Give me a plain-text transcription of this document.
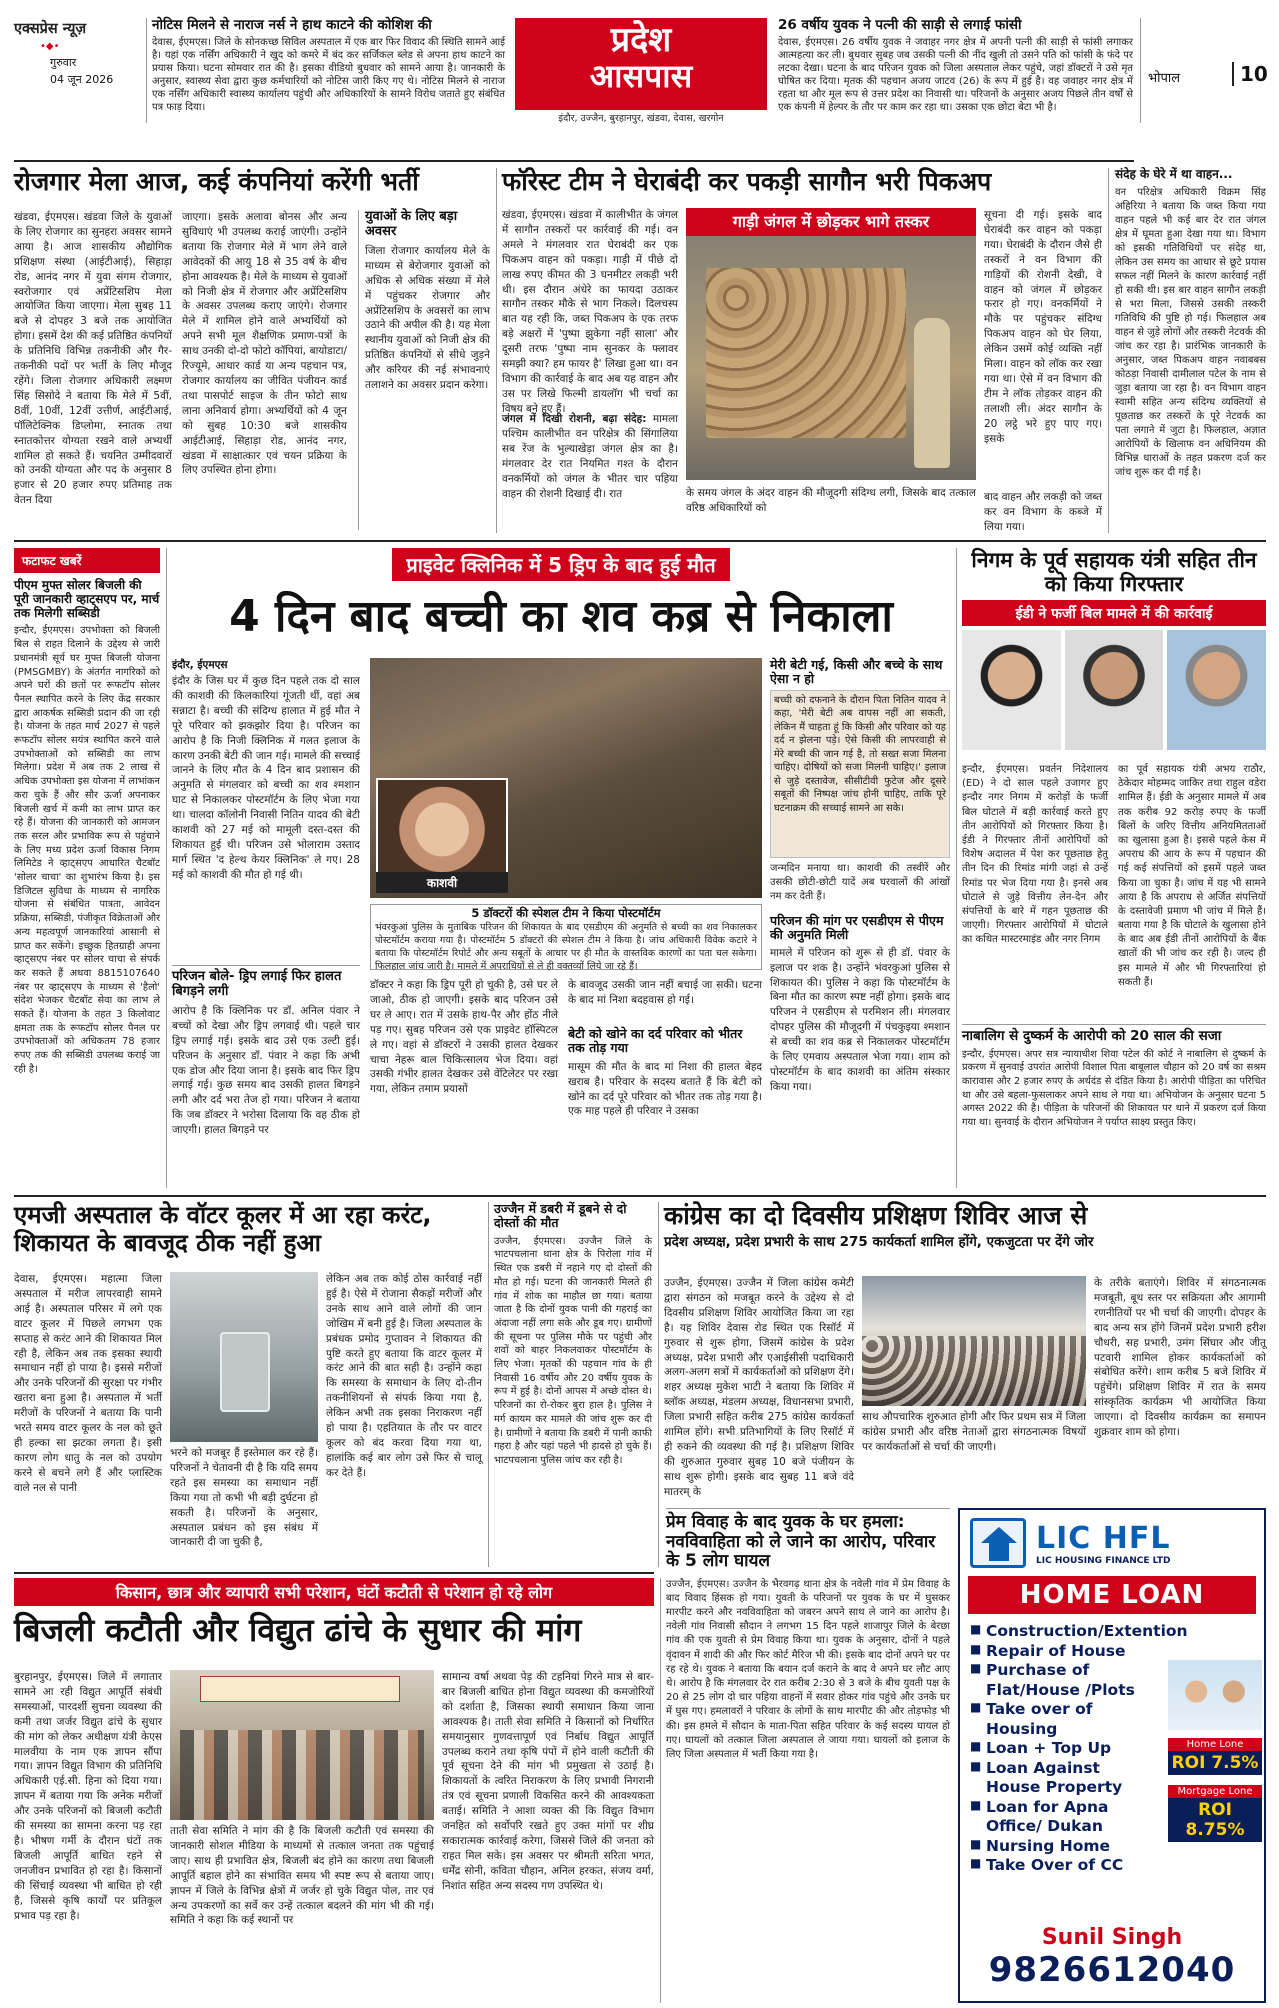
एक्सप्रेस न्यूज़
•◆•
गुरुवार
04 जून 2026
नोटिस मिलने से नाराज नर्स ने हाथ काटने की कोशिश की
देवास, ईएमएस। जिले के सोनकच्छ सिविल अस्पताल में एक बार फिर विवाद की स्थिति सामने आई है। यहां एक नर्सिंग अधिकारी ने खुद को कमरे में बंद कर सर्जिकल ब्लेड से अपना हाथ काटने का प्रयास किया। घटना सोमवार रात की है। इसका वीडियो बुधवार को सामने आया है। जानकारी के अनुसार, स्वास्थ्य सेवा द्वारा कुछ कर्मचारियों को नोटिस जारी किए गए थे। नोटिस मिलने से नाराज एक नर्सिंग अधिकारी स्वास्थ्य कार्यालय पहुंची और अधिकारियों के सामने विरोध जताते हुए संबंधित पत्र फाड़ दिया।
प्रदेश
आसपास
इंदौर, उज्जैन, बुरहानपुर, खंडवा, देवास, खरगोन
26 वर्षीय युवक ने पत्नी की साड़ी से लगाई फांसी
देवास, ईएमएस। 26 वर्षीय युवक ने जवाहर नगर क्षेत्र में अपनी पत्नी की साड़ी से फांसी लगाकर आत्महत्या कर ली। बुधवार सुबह जब उसकी पत्नी की नींद खुली तो उसने पति को फांसी के फंदे पर लटका देखा। घटना के बाद परिजन युवक को जिला अस्पताल लेकर पहुंचे, जहां डॉक्टरों ने उसे मृत घोषित कर दिया। मृतक की पहचान अजय जाटव (26) के रूप में हुई है। वह जवाहर नगर क्षेत्र में रहता था और मूल रूप से उत्तर प्रदेश का निवासी था। परिजनों के अनुसार अजय पिछले तीन वर्षों से एक कंपनी में हेल्पर के तौर पर काम कर रहा था। उसका एक छोटा बेटा भी है।
भोपाल	10
रोजगार मेला आज, कई कंपनियां करेंगी भर्ती
खंडवा, ईएमएस। खंडवा जिले के युवाओं के लिए रोजगार का सुनहरा अवसर सामने आया है। आज शासकीय औद्योगिक प्रशिक्षण संस्था (आईटीआई), सिहाड़ा रोड, आनंद नगर में युवा संगम रोजगार, स्वरोजगार एवं अप्रेंटिसशिप मेला आयोजित किया जाएगा। मेला सुबह 11 बजे से दोपहर 3 बजे तक आयोजित होगा। इसमें देश की कई प्रतिष्ठित कंपनियों के प्रतिनिधि विभिन्न तकनीकी और गैर-तकनीकी पदों पर भर्ती के लिए मौजूद रहेंगे। जिला रोजगार अधिकारी लक्ष्मण सिंह सिसोदे ने बताया कि मेले में 5वीं, 8वीं, 10वीं, 12वीं उत्तीर्ण, आईटीआई, पॉलिटेक्निक डिप्लोमा, स्नातक तथा स्नातकोत्तर योग्यता रखने वाले अभ्यर्थी शामिल हो सकते हैं। चयनित उम्मीदवारों को उनकी योग्यता और पद के अनुसार 8 हजार से 20 हजार रुपए प्रतिमाह तक वेतन दिया
जाएगा। इसके अलावा बोनस और अन्य सुविधाएं भी उपलब्ध कराई जाएंगी। उन्होंने बताया कि रोजगार मेले में भाग लेने वाले आवेदकों की आयु 18 से 35 वर्ष के बीच होना आवश्यक है। मेले के माध्यम से युवाओं को निजी क्षेत्र में रोजगार और अप्रेंटिसशिप के अवसर उपलब्ध कराए जाएंगे। रोजगार मेले में शामिल होने वाले अभ्यर्थियों को अपने सभी मूल शैक्षणिक प्रमाण-पत्रों के साथ उनकी दो-दो फोटो कॉपियां, बायोडाटा/रिज्यूमे, आधार कार्ड या अन्य पहचान पत्र, रोजगार कार्यालय का जीवित पंजीयन कार्ड तथा पासपोर्ट साइज के तीन फोटो साथ लाना अनिवार्य होगा। अभ्यर्थियों को 4 जून को सुबह 10:30 बजे शासकीय आईटीआई, सिहाड़ा रोड, आनंद नगर, खंडवा में साक्षात्कार एवं चयन प्रक्रिया के लिए उपस्थित होना होगा।
युवाओं के लिए बड़ा अवसर
जिला रोजगार कार्यालय मेले के माध्यम से बेरोजगार युवाओं को अधिक से अधिक संख्या में मेले में पहुंचकर रोजगार और अप्रेंटिसशिप के अवसरों का लाभ उठाने की अपील की है। यह मेला स्थानीय युवाओं को निजी क्षेत्र की प्रतिष्ठित कंपनियों से सीधे जुड़ने और करियर की नई संभावनाएं तलाशने का अवसर प्रदान करेगा।
फॉरेस्ट टीम ने घेराबंदी कर पकड़ी सागौन भरी पिकअप
खंडवा, ईएमएस। खंडवा में कालीभीत के जंगल में सागौन तस्करों पर कार्रवाई की गई। वन अमले ने मंगलवार रात घेराबंदी कर एक पिकअप वाहन को पकड़ा। गाड़ी में पीछे दो लाख रुपए कीमत की 3 घनमीटर लकड़ी भरी थी। इस दौरान अंधेरे का फायदा उठाकर सागौन तस्कर मौके से भाग निकले। दिलचस्प बात यह रही कि, जब्त पिकअप के एक तरफ बड़े अक्षरों में 'पुष्पा झुकेगा नहीं साला' और दूसरी तरफ 'पुष्पा नाम सुनकर के फ्लावर समझी क्या? हम फायर है' लिखा हुआ था। वन विभाग की कार्रवाई के बाद अब यह वाहन और उस पर लिखे फिल्मी डायलॉग भी चर्चा का विषय बने हुए हैं।
जंगल में दिखी रोशनी, बढ़ा संदेह: मामला पश्चिम कालीभीत वन परिक्षेत्र की सिंगालिया सब रेंज के भुल्याखेड़ा जंगल क्षेत्र का है। मंगलवार देर रात नियमित गश्त के दौरान वनकर्मियों को जंगल के भीतर चार पहिया वाहन की रोशनी दिखाई दी। रात
गाड़ी जंगल में छोड़कर भागे तस्कर
के समय जंगल के अंदर वाहन की मौजूदगी संदिग्ध लगी, जिसके बाद तत्काल वरिष्ठ अधिकारियों को
सूचना दी गई। इसके बाद घेराबंदी कर वाहन को पकड़ा गया। घेराबंदी के दौरान जैसे ही तस्करों ने वन विभाग की गाड़ियों की रोशनी देखी, वे वाहन को जंगल में छोड़कर फरार हो गए। वनकर्मियों ने मौके पर पहुंचकर संदिग्ध पिकअप वाहन को घेर लिया, लेकिन उसमें कोई व्यक्ति नहीं मिला। वाहन को लॉक कर रखा गया था। ऐसे में वन विभाग की टीम ने लॉक तोड़कर वाहन की तलाशी ली। अंदर सागौन के 20 लट्ठे भरे हुए पाए गए। इसके
बाद वाहन और लकड़ी को जब्त कर वन विभाग के कब्जे में लिया गया।
संदेह के घेरे में था वाहन...
वन परिक्षेत्र अधिकारी विक्रम सिंह अहिरिया ने बताया कि जब्त किया गया वाहन पहले भी कई बार देर रात जंगल क्षेत्र में घूमता हुआ देखा गया था। विभाग को इसकी गतिविधियों पर संदेह था, लेकिन उस समय का आधार से छूटे प्रयास सफल नहीं मिलने के कारण कार्रवाई नहीं हो सकी थी। इस बार वाहन सागौन लकड़ी से भरा मिला, जिससे उसकी तस्करी गतिविधि की पुष्टि हो गई। फिलहाल अब वाहन से जुड़े लोगों और तस्करी नेटवर्क की जांच कर रहा है। प्रारंभिक जानकारी के अनुसार, जब्त पिकअप वाहन नवाबबस कोठड़ा निवासी दामीलाल पटेल के नाम से जुड़ा बताया जा रहा है। वन विभाग वाहन स्वामी सहित अन्य संदिग्ध व्यक्तियों से पूछताछ कर तस्करों के पूरे नेटवर्क का पता लगाने में जुटा है। फिलहाल, अज्ञात आरोपियों के खिलाफ वन अधिनियम की विभिन्न धाराओं के तहत प्रकरण दर्ज कर जांच शुरू कर दी गई है।
फटाफट खबरें
पीएम मुफ्त सोलर बिजली की पूरी जानकारी व्हाट्सएप पर, मार्च तक मिलेगी सब्सिडी
इन्दौर, ईएमएस। उपभोक्ता को बिजली बिल से राहत दिलाने के उद्देश्य से जारी प्रधानमंत्री सूर्य घर मुफ्त बिजली योजना (PMSGMBY) के अंतर्गत नागरिकों को अपने घरों की छतों पर रूफटॉप सोलर पैनल स्थापित करने के लिए केंद्र सरकार द्वारा आकर्षक सब्सिडी प्रदान की जा रही है। योजना के तहत मार्च 2027 से पहले रूफटॉप सोलर सयंत्र स्थापित करने वाले उपभोक्ताओं को सब्सिडी का लाभ मिलेगा। प्रदेश में अब तक 2 लाख से अधिक उपभोक्ता इस योजना में लाभांकन करा चुके हैं और सौर ऊर्जा अपनाकर बिजली खर्च में कमी का लाभ प्राप्त कर रहे हैं। योजना की जानकारी को आमजन तक सरल और प्रभाविक रूप से पहुंचाने के लिए मध्य प्रदेश ऊर्जा विकास निगम लिमिटेड ने व्हाट्सएप आधारित चैटबॉट 'सोलर चाचा' का शुभारंभ किया है। इस डिजिटल सुविधा के माध्यम से नागरिक योजना से संबंधित पात्रता, आवेदन प्रक्रिया, सब्सिडी, पंजीकृत विक्रेताओं और अन्य महत्वपूर्ण जानकारियां आसानी से प्राप्त कर सकेंगे। इच्छुक हितग्राही अपना व्हाट्सएप नंबर पर सोलर चाचा से संपर्क कर सकते हैं अथवा 8815107640 नंबर पर व्हाट्सएप के माध्यम से 'हैलो' संदेश भेजकर चैटबॉट सेवा का लाभ ले सकते हैं। योजना के तहत 3 किलोवाट क्षमता तक के रूफटॉप सोलर पैनल पर उपभोक्ताओं को अधिकतम 78 हजार रुपए तक की सब्सिडी उपलब्ध कराई जा रही है।
प्राइवेट क्लिनिक में 5 ड्रिप के बाद हुई मौत
4 दिन बाद बच्ची का शव कब्र से निकाला
इंदौर, ईएमएस
इंदौर के जिस घर में कुछ दिन पहले तक दो साल की काशवी की किलकारियां गूंजती थीं, वहां अब सन्नाटा है। बच्ची की संदिग्ध हालात में हुई मौत ने पूरे परिवार को झकझोर दिया है। परिजन का आरोप है कि निजी क्लिनिक में गलत इलाज के कारण उनकी बेटी की जान गई। मामले की सच्चाई जानने के लिए मौत के 4 दिन बाद प्रशासन की अनुमति से मंगलवार को बच्ची का शव श्मशान घाट से निकालकर पोस्टमॉर्टम के लिए भेजा गया था। चालदा कॉलोनी निवासी नितिन यादव की बेटी काशवी को 27 मई को मामूली दस्त-दस्त की शिकायत हुई थी। परिजन उसे भोलाराम उस्ताद मार्ग स्थित 'द हेल्थ केयर क्लिनिक' ले गए। 28 मई को काशवी की मौत हो गई थी।
परिजन बोले- ड्रिप लगाई फिर हालत बिगड़ने लगी
आरोप है कि क्लिनिक पर डॉ. अनिल पंवार ने बच्चों को देखा और ड्रिप लगवाई थी। पहले चार ड्रिप लगाई गई। इसके बाद उसे एक उल्टी हुई। परिजन के अनुसार डॉ. पंवार ने कहा कि अभी एक डोज और दिया जाना है। इसके बाद फिर ड्रिप लगाई गई। कुछ समय बाद उसकी हालत बिगड़ने लगी और दर्द भरा तेज हो गया। परिजन ने बताया कि जब डॉक्टर ने भरोसा दिलाया कि वह ठीक हो जाएगी। हालत बिगड़ने पर
काशवी
5 डॉक्टरों की स्पेशल टीम ने किया पोस्टमॉर्टम
भंवरकुआं पुलिस के मुताबिक परिजन की शिकायत के बाद एसडीएम की अनुमति से बच्ची का शव निकालकर पोस्टमॉर्टम कराया गया है। पोस्टमॉर्टम 5 डॉक्टरों की स्पेशल टीम ने किया है। जांच अधिकारी विवेक कटारे ने बताया कि पोस्टमॉर्टम रिपोर्ट और अन्य सबूतों के आधार पर ही मौत के वास्तविक कारणों का पता चल सकेगा। फिलहाल जांच जारी है। मामले में अपराधियों से ले ही वक्तव्यों लिये जा रहे हैं।
डॉक्टर ने कहा कि ड्रिप पूरी हो चुकी है, उसे घर ले जाओ, ठीक हो जाएगी। इसके बाद परिजन उसे घर ले आए। रात में उसके हाथ-पैर और होंठ नीले पड़ गए। सुबह परिजन उसे एक प्राइवेट हॉस्पिटल ले गए। वहां से डॉक्टरों ने उसकी हालत देखकर चाचा नेहरू बाल चिकित्सालय भेज दिया। वहां उसकी गंभीर हालत देखकर उसे वेंटिलेटर पर रखा गया, लेकिन तमाम प्रयासों
के बावजूद उसकी जान नहीं बचाई जा सकी। घटना के बाद मां निशा बदहवास हो गई।
बेटी को खोने का दर्द परिवार को भीतर तक तोड़ गया
मासूम की मौत के बाद मां निशा की हालत बेहद खराब है। परिवार के सदस्य बताते हैं कि बेटी को खोने का दर्द पूरे परिवार को भीतर तक तोड़ गया है। एक माह पहले ही परिवार ने उसका
मेरी बेटी गई, किसी और बच्चे के साथ ऐसा न हो
बच्ची को दफनाने के दौरान पिता नितिन यादव ने कहा, 'मेरी बेटी अब वापस नहीं आ सकती, लेकिन मैं चाहता हूं कि किसी और परिवार को यह दर्द न झेलना पड़े। ऐसे किसी की लापरवाही से मेरे बच्ची की जान गई है, तो सख्त सजा मिलना चाहिए। दोषियों को सजा मिलनी चाहिए।' इलाज से जुड़े दस्तावेज, सीसीटीवी फुटेज और दूसरे सबूतों की निष्पक्ष जांच होनी चाहिए, ताकि पूरे घटनाक्रम की सच्चाई सामने आ सके।
जन्मदिन मनाया था। काशवी की तस्वीरें और उसकी छोटी-छोटी यादें अब घरवालों की आंखों नम कर देती हैं।
परिजन की मांग पर एसडीएम से पीएम की अनुमति मिली
मामले में परिजन को शुरू से ही डॉ. पंवार के इलाज पर शक है। उन्होंने भंवरकुआं पुलिस से शिकायत की। पुलिस ने कहा कि पोस्टमॉर्टम के बिना मौत का कारण स्पष्ट नहीं होगा। इसके बाद परिजन ने एसडीएम से परमिशन ली। मंगलवार दोपहर पुलिस की मौजूदगी में पंचकुइया श्मशान से बच्ची का शव कब्र से निकालकर पोस्टमॉर्टम के लिए एमवाय अस्पताल भेजा गया। शाम को पोस्टमॉर्टम के बाद काशवी का अंतिम संस्कार किया गया।
निगम के पूर्व सहायक यंत्री सहित तीन को किया गिरफ्तार
ईडी ने फर्जी बिल मामले में की कार्रवाई
इन्दौर, ईएमएस। प्रवर्तन निदेशालय (ED) ने दो साल पहले उजागर हुए इन्दौर नगर निगम में करोड़ों के फर्जी बिल घोटाले में बड़ी कार्रवाई करते हुए तीन आरोपियों को गिरफ्तार किया है। ईडी ने गिरफ्तार तीनों आरोपियों को विशेष अदालत में पेश कर पूछताछ हेतु तीन दिन की रिमांड मांगी जहां से उन्हें रिमांड पर भेज दिया गया है। इनसे अब घोटाले से जुड़े वित्तीय लेन-देन और संपत्तियों के बारे में गहन पूछताछ की जाएगी। गिरफ्तार आरोपियों में घोटाले का कथित मास्टरमाइंड और नगर निगम
का पूर्व सहायक यंत्री अभय राठौर, ठेकेदार मोहम्मद जाकिर तथा राहुल वडेरा शामिल हैं। ईडी के अनुसार मामले में अब तक करीब 92 करोड़ रुपए के फर्जी बिलों के जरिए वित्तीय अनियमितताओं का खुलासा हुआ है। इससे पहले केस में अपराध की आय के रूप में पहचान की गई कई संपत्तियों को इसमें पहले जब्त किया जा चुका है। जांच में यह भी सामने आया है कि अपराध से अर्जित संपत्तियों के दस्तावेजी प्रमाण भी जांच में मिले हैं। बताया गया है कि घोटाले के खुलासा होने के बाद अब ईडी तीनों आरोपियों के बैंक खातों की भी जांच कर रही है। जल्द ही इस मामले में और भी गिरफ्तारियां हो सकती हैं।
नाबालिग से दुष्कर्म के आरोपी को 20 साल की सजा
इन्दौर, ईएमएस। अपर सत्र न्यायाधीश शिवा पटेल की कोर्ट ने नाबालिग से दुष्कर्म के प्रकरण में सुनवाई उपरांत आरोपी विशाल पिता बाबूलाल चौहान को 20 वर्ष का सश्रम कारावास और 2 हजार रुपए के अर्थदंड से दंडित किया है। आरोपी पीड़िता का परिचित था और उसे बहला-फुसलाकर अपने साथ ले गया था। अभियोजन के अनुसार घटना 5 अगस्त 2022 की है। पीड़िता के परिजनों की शिकायत पर थाने में प्रकरण दर्ज किया गया था। सुनवाई के दौरान अभियोजन ने पर्याप्त साक्ष्य प्रस्तुत किए।
एमजी अस्पताल के वॉटर कूलर में आ रहा करंट, शिकायत के बावजूद ठीक नहीं हुआ
देवास, ईएमएस। महात्मा जिला अस्पताल में मरीज लापरवाही सामने आई है। अस्पताल परिसर में लगे एक वाटर कूलर में पिछले लगभग एक सप्ताह से करंट आने की शिकायत मिल रही है, लेकिन अब तक इसका स्थायी समाधान नहीं हो पाया है। इससे मरीजों और उनके परिजनों की सुरक्षा पर गंभीर खतरा बना हुआ है। अस्पताल में भर्ती मरीजों के परिजनों ने बताया कि पानी भरते समय वाटर कूलर के नल को छूते ही हल्का सा झटका लगता है। इसी कारण लोग धातु के नल को उपयोग करने से बचने लगे हैं और प्लास्टिक वाले नल से पानी
भरने को मजबूर हैं इस्तेमाल कर रहे हैं। परिजनों ने चेतावनी दी है कि यदि समय रहते इस समस्या का समाधान नहीं किया गया तो कभी भी बड़ी दुर्घटना हो सकती है। परिजनों के अनुसार, अस्पताल प्रबंधन को इस संबंध में जानकारी दी जा चुकी है,
लेकिन अब तक कोई ठोस कार्रवाई नहीं हुई है। ऐसे में रोजाना सैकड़ों मरीजों और उनके साथ आने वाले लोगों की जान जोखिम में बनी हुई है। जिला अस्पताल के प्रबंधक प्रमोद गुप्तावन ने शिकायत की पुष्टि करते हुए बताया कि वाटर कूलर में करंट आने की बात सही है। उन्होंने कहा कि समस्या के समाधान के लिए दो-तीन तकनीशियनों से संपर्क किया गया है, लेकिन अभी तक इसका निराकरण नहीं हो पाया है। एहतियात के तौर पर वाटर कूलर को बंद करवा दिया गया था, हालांकि कई बार लोग उसे फिर से चालू कर देते हैं।
उज्जैन में डबरी में डूबने से दो दोस्तों की मौत
उज्जैन, ईएमएस। उज्जैन जिले के भाटपचलाना थाना क्षेत्र के पिरोला गांव में स्थित एक डबरी में नहाने गए दो दोस्तों की मौत हो गई। घटना की जानकारी मिलते ही गांव में शोक का माहौल छा गया। बताया जाता है कि दोनों युवक पानी की गहराई का अंदाजा नहीं लगा सके और डूब गए। ग्रामीणों की सूचना पर पुलिस मौके पर पहुंची और शवों को बाहर निकलवाकर पोस्टमॉर्टम के लिए भेजा। मृतकों की पहचान गांव के ही निवासी 16 वर्षीय और 20 वर्षीय युवक के रूप में हुई है। दोनों आपस में अच्छे दोस्त थे। परिजनों का रो-रोकर बुरा हाल है। पुलिस ने मर्ग कायम कर मामले की जांच शुरू कर दी है। ग्रामीणों ने बताया कि डबरी में पानी काफी गहरा है और यहां पहले भी हादसे हो चुके हैं। भाटपचलाना पुलिस जांच कर रही है।
कांग्रेस का दो दिवसीय प्रशिक्षण शिविर आज से
प्रदेश अध्यक्ष, प्रदेश प्रभारी के साथ 275 कार्यकर्ता शामिल होंगे, एकजुटता पर देंगे जोर
उज्जैन, ईएमएस। उज्जैन में जिला कांग्रेस कमेटी द्वारा संगठन को मजबूत करने के उद्देश्य से दो दिवसीय प्रशिक्षण शिविर आयोजित किया जा रहा है। यह शिविर देवास रोड स्थित एक रिसॉर्ट में गुरुवार से शुरू होगा, जिसमें कांग्रेस के प्रदेश अध्यक्ष, प्रदेश प्रभारी और एआईसीसी पदाधिकारी अलग-अलग सत्रों में कार्यकर्ताओं को प्रशिक्षण देंगे। शहर अध्यक्ष मुकेश भाटी ने बताया कि शिविर में ब्लॉक अध्यक्ष, मंडलम अध्यक्ष, विधानसभा प्रभारी, जिला प्रभारी सहित करीब 275 कांग्रेस कार्यकर्ता शामिल होंगे। सभी प्रतिभागियों के लिए रिसॉर्ट में ही रुकने की व्यवस्था की गई है। प्रशिक्षण शिविर की शुरुआत गुरुवार सुबह 10 बजे पंजीयन के साथ शुरू होगी। इसके बाद सुबह 11 बजे वंदे मातरम् के
साथ औपचारिक शुरुआत होगी और फिर प्रथम सत्र में जिला कांग्रेस प्रभारी और वरिष्ठ नेताओं द्वारा संगठनात्मक विषयों पर कार्यकर्ताओं से चर्चा की जाएगी।
के तरीके बताएंगे। शिविर में संगठनात्मक मजबूती, बूथ स्तर पर सक्रियता और आगामी रणनीतियों पर भी चर्चा की जाएगी। दोपहर के बाद अन्य सत्र होंगे जिनमें प्रदेश प्रभारी हरीश चौधरी, सह प्रभारी, उमंग सिंघार और जीतू पटवारी शामिल होकर कार्यकर्ताओं को संबोधित करेंगे। शाम करीब 5 बजे शिविर में पहुंचेंगे। प्रशिक्षण शिविर में रात के समय सांस्कृतिक कार्यक्रम भी आयोजित किया जाएगा। दो दिवसीय कार्यक्रम का समापन शुक्रवार शाम को होगा।
किसान, छात्र और व्यापारी सभी परेशान, घंटों कटौती से परेशान हो रहे लोग
बिजली कटौती और विद्युत ढांचे के सुधार की मांग
बुरहानपुर, ईएमएस। जिले में लगातार सामने आ रही विद्युत आपूर्ति संबंधी समस्याओं, पारदर्शी सुचना व्यवस्था की कमी तथा जर्जर विद्युत ढांचे के सुधार की मांग को लेकर अधीक्षण यंत्री केएस मालवीया के नाम एक ज्ञापन सौंपा गया। ज्ञापन विद्युत विभाग की प्रतिनिधि अधिकारी एई.सी. हिना को दिया गया। ज्ञापन में बताया गया कि अनेक मरीजों और उनके परिजनों को बिजली कटौती की समस्या का सामना करना पड़ रहा है। भीषण गर्मी के दौरान घंटों तक बिजली आपूर्ति बाधित रहने से जनजीवन प्रभावित हो रहा है। किसानों की सिंचाई व्यवस्था भी बाधित हो रही है, जिससे कृषि कार्यों पर प्रतिकूल प्रभाव पड़ रहा है।
ताती सेवा समिति ने मांग की है कि बिजली कटौती एवं समस्या की जानकारी सोशल मीडिया के माध्यमों से तत्काल जनता तक पहुंचाई जाए। साथ ही प्रभावित क्षेत्र, बिजली बंद होने का कारण तथा बिजली आपूर्ति बहाल होने का संभावित समय भी स्पष्ट रूप से बताया जाए। ज्ञापन में जिले के विभिन्न क्षेत्रों में जर्जर हो चुके विद्युत पोल, तार एवं अन्य उपकरणों का सर्वे कर उन्हें तत्काल बदलने की मांग भी की गई। समिति ने कहा कि कई स्थानों पर
सामान्य वर्षा अथवा पेड़ की टहनियां गिरने मात्र से बार-बार बिजली बाधित होना विद्युत व्यवस्था की कमजोरियों को दर्शाता है, जिसका स्थायी समाधान किया जाना आवश्यक है। ताती सेवा समिति ने किसानों को निर्धारित समयानुसार गुणवत्तापूर्ण एवं निर्बाध विद्युत आपूर्ति उपलब्ध कराने तथा कृषि पंपों में होने वाली कटौती की पूर्व सूचना देने की मांग भी प्रमुखता से उठाई है। शिकायतों के त्वरित निराकरण के लिए प्रभावी निगरानी तंत्र एवं सूचना प्रणाली विकसित करने की आवश्यकता बताई। समिति ने आशा व्यक्त की कि विद्युत विभाग जनहित को सर्वोपरि रखते हुए उक्त मांगों पर शीघ्र सकारात्मक कार्रवाई करेगा, जिससे जिले की जनता को राहत मिल सके। इस अवसर पर श्रीमती सरिता भगत, धर्मेंद्र सोनी, कविता चौहान, अनिल हरकत, संजय वर्मा, निशांत सहित अन्य सदस्य गण उपस्थित थे।
प्रेम विवाह के बाद युवक के घर हमला: नवविवाहिता को ले जाने का आरोप, परिवार के 5 लोग घायल
उज्जैन, ईएमएस। उज्जैन के भैरवगढ़ थाना क्षेत्र के नवेली गांव में प्रेम विवाह के बाद विवाद हिंसक हो गया। युवती के परिजनों पर युवक के घर में घुसकर मारपीट करने और नवविवाहिता को जबरन अपने साथ ले जाने का आरोप है। नवेली गांव निवासी सौदान ने लगभग 15 दिन पहले शाजापुर जिले के बेरछा गांव की एक युवती से प्रेम विवाह किया था। युवक के अनुसार, दोनों ने पहले वृंदावन में शादी की और फिर कोर्ट मैरिज भी की। इसके बाद दोनों अपने घर पर रह रहे थे। युवक ने बताया कि बयान दर्ज कराने के बाद वे अपने घर लौट आए थे। आरोप है कि मंगलवार देर रात करीब 2:30 से 3 बजे के बीच युवती पक्ष के 20 से 25 लोग दो चार पहिया वाहनों में सवार होकर गांव पहुंचे और उनके घर में घुस गए। हमलावरों ने परिवार के लोगों के साथ मारपीट की और तोड़फोड़ भी की। इस हमले में सौदान के माता-पिता सहित परिवार के कई सदस्य घायल हो गए। घायलों को तत्काल जिला अस्पताल ले जाया गया। घायलों को इलाज के लिए जिला अस्पताल में भर्ती किया गया है।
LIC HFL
LIC HOUSING FINANCE LTD
HOME LOAN
■ Construction/Extention
■ Repair of House
■ Purchase of Flat/House /Plots
■ Take over of Housing
■ Loan + Top Up
■ Loan Against House Property
■ Loan for Apna Office/ Dukan
■ Nursing Home
■ Take Over of CC
Home Lone
ROI 7.5%
Mortgage Lone
ROI 8.75%
Sunil Singh
9826612040
